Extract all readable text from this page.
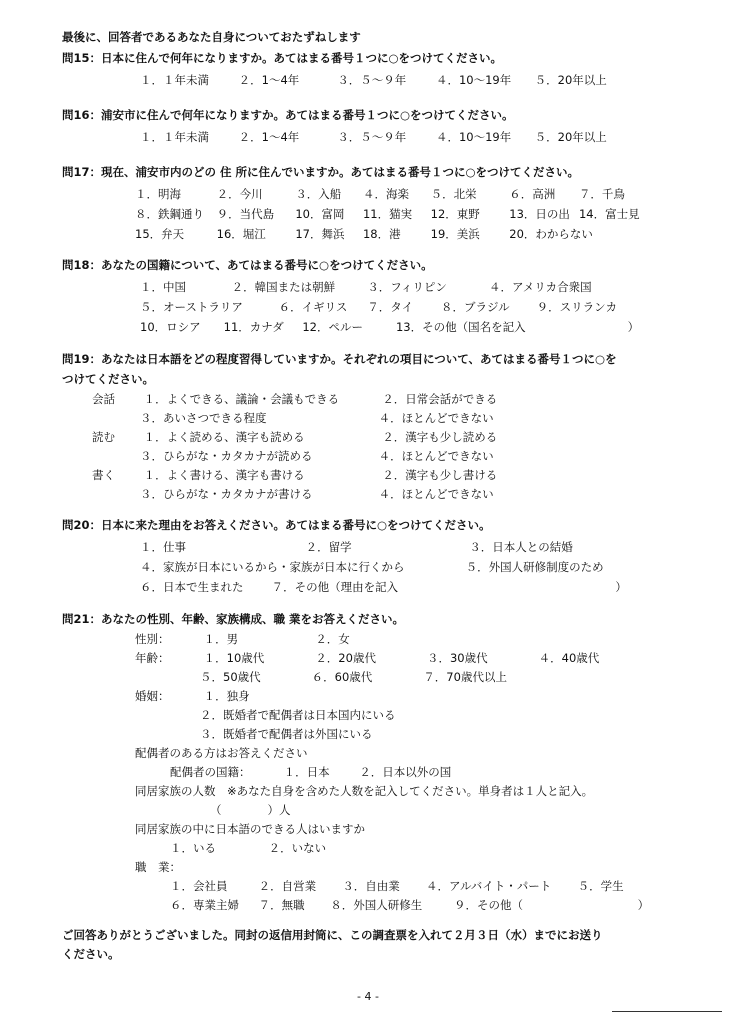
最後に、回答者であるあなた自身についておたずねします
問15：日本に住んで何年になりますか。あてはまる番号１つに○をつけてください。
１．１年未満	２．1～4年	３．５～９年	４．10～19年 ５．20年以上
問16：浦安市に住んで何年になりますか。あてはまる番号１つに○をつけてください。
１．１年未満	２．1～4年	３．５～９年	４．10～19年 ５．20年以上
問17：現在、浦安市内のどの 住 所に住んでいますか。あてはまる番号１つに○をつけてください。
１．明海	２．今川	３．入船 ４．海楽 ５．北栄	６．高洲 ７．千鳥
８．鉄鋼通り ９．当代島 10．富岡 11．猫実 12．東野	13．日の出 14．富士見
15．弁天	16．堀江	17．舞浜 18．港	19．美浜	20．わからない
問18：あなたの国籍について、あてはまる番号に○をつけてください。
１．中国	２．韓国または朝鮮	３．フィリピン	４．アメリカ合衆国
５．オーストラリア	６．イギリス ７．タイ ８．ブラジル ９．スリランカ
10．ロシア 11．カナダ 12．ペルー	13．その他（国名を記入	）
問19：あなたは日本語をどの程度習得していますか。それぞれの項目について、あてはまる番号１つに○を
つけてください。
会話 １．よくできる、議論・会議もできる	２．日常会話ができる
３．あいさつできる程度	４．ほとんどできない
読む １．よく読める、漢字も読める	２．漢字も少し読める
３．ひらがな・カタカナが読める	４．ほとんどできない
書く １．よく書ける、漢字も書ける	２．漢字も少し書ける
３．ひらがな・カタカナが書ける	４．ほとんどできない
問20：日本に来た理由をお答えください。あてはまる番号に○をつけてください。
１．仕事	２．留学	３．日本人との結婚
４．家族が日本にいるから・家族が日本に行くから	５．外国人研修制度のため
６．日本で生まれた ７．その他（理由を記入	）
問21：あなたの性別、年齢、家族構成、職 業をお答えください。
性別：	１．男	２．女
年齢：	１．10歳代	２．20歳代	３．30歳代	４．40歳代
５．50歳代	６．60歳代	７．70歳代以上
婚姻：	１．独身
２．既婚者で配偶者は日本国内にいる
３．既婚者で配偶者は外国にいる
配偶者のある方はお答えください
配偶者の国籍：	１．日本	２．日本以外の国
同居家族の人数　※あなた自身を含めた人数を記入してください。単身者は１人と記入。
（　　　　）人
同居家族の中に日本語のできる人はいますか
１．いる	２．いない
職　業：
１．会社員	２．自営業 ３．自由業 ４．アルバイト・パート ５．学生
６．専業主婦 ７．無職 ８．外国人研修生	９．その他（	）
ご回答ありがとうございました。同封の返信用封筒に、この調査票を入れて２月３日（水）までにお送り
ください。
- 4 -
